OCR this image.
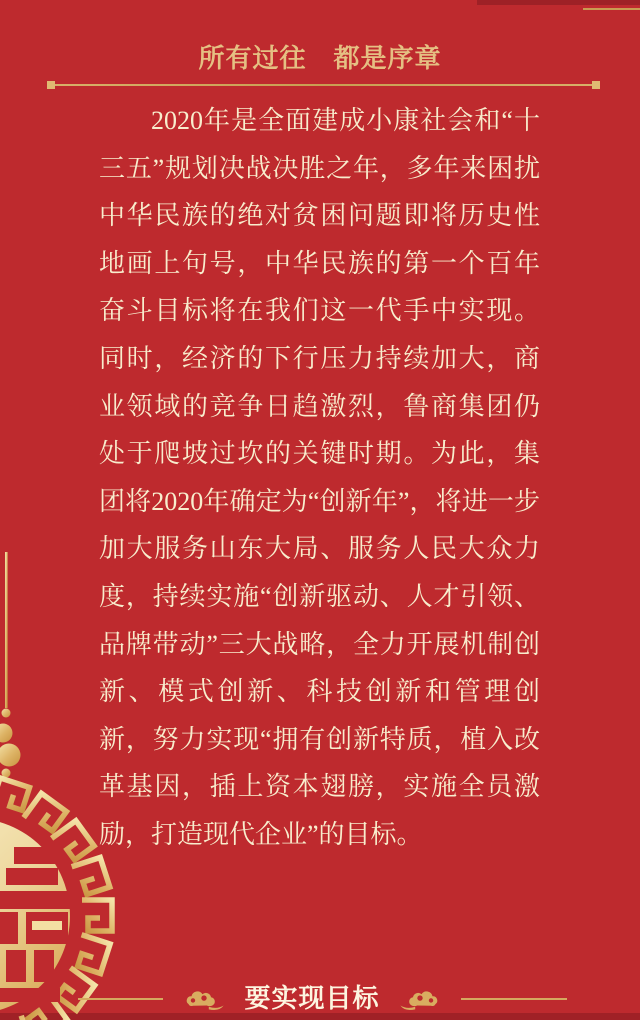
所有过往　都是序章

2020年是全面建成小康社会和“十三五”规划决战决胜之年，多年来困扰中华民族的绝对贫困问题即将历史性地画上句号，中华民族的第一个百年奋斗目标将在我们这一代手中实现。同时，经济的下行压力持续加大，商业领域的竞争日趋激烈，鲁商集团仍处于爬坡过坎的关键时期。为此，集团将2020年确定为“创新年”，将进一步加大服务山东大局、服务人民大众力度，持续实施“创新驱动、人才引领、品牌带动”三大战略，全力开展机制创新、模式创新、科技创新和管理创新，努力实现“拥有创新特质，植入改革基因，插上资本翅膀，实施全员激励，打造现代企业”的目标。

要实现目标
